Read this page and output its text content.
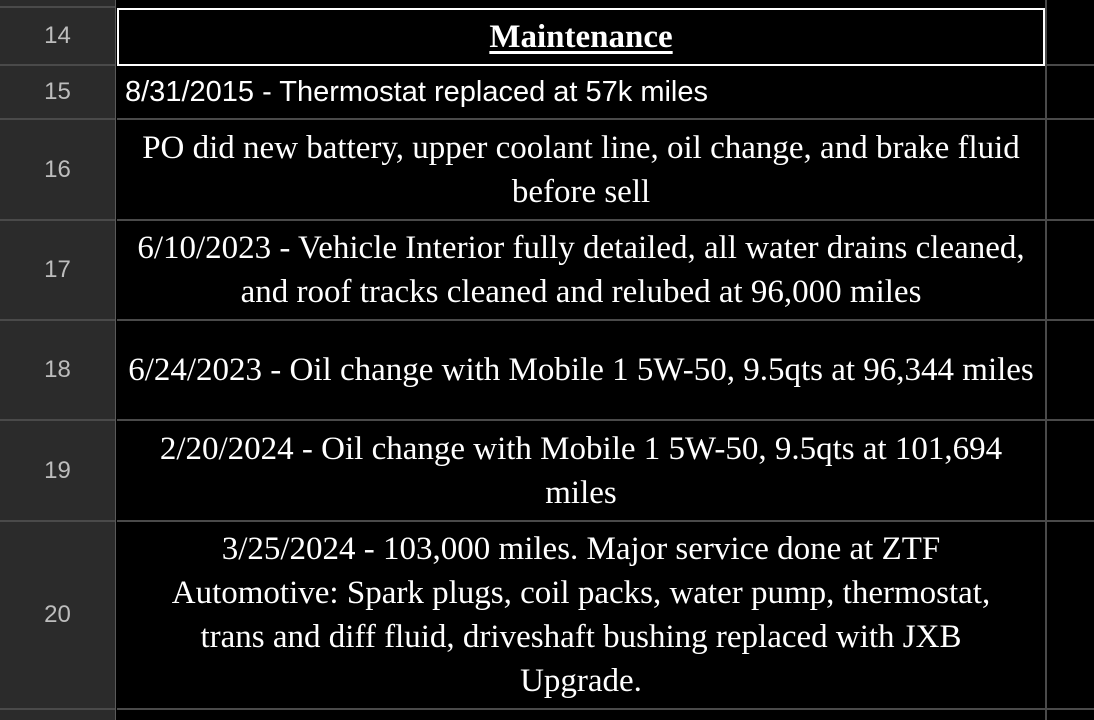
14
15
16
17
18
19
20
Maintenance
8/31/2015 - Thermostat replaced at 57k miles
PO did new battery, upper coolant line, oil change, and brake fluid before sell
6/10/2023 - Vehicle Interior fully detailed, all water drains cleaned, and roof tracks cleaned and relubed at 96,000 miles
6/24/2023 - Oil change with Mobile 1 5W-50, 9.5qts at 96,344 miles
2/20/2024 - Oil change with Mobile 1 5W-50, 9.5qts at 101,694 miles
3/25/2024 - 103,000 miles. Major service done at ZTF Automotive: Spark plugs, coil packs, water pump, thermostat, trans and diff fluid, driveshaft bushing replaced with JXB Upgrade.
